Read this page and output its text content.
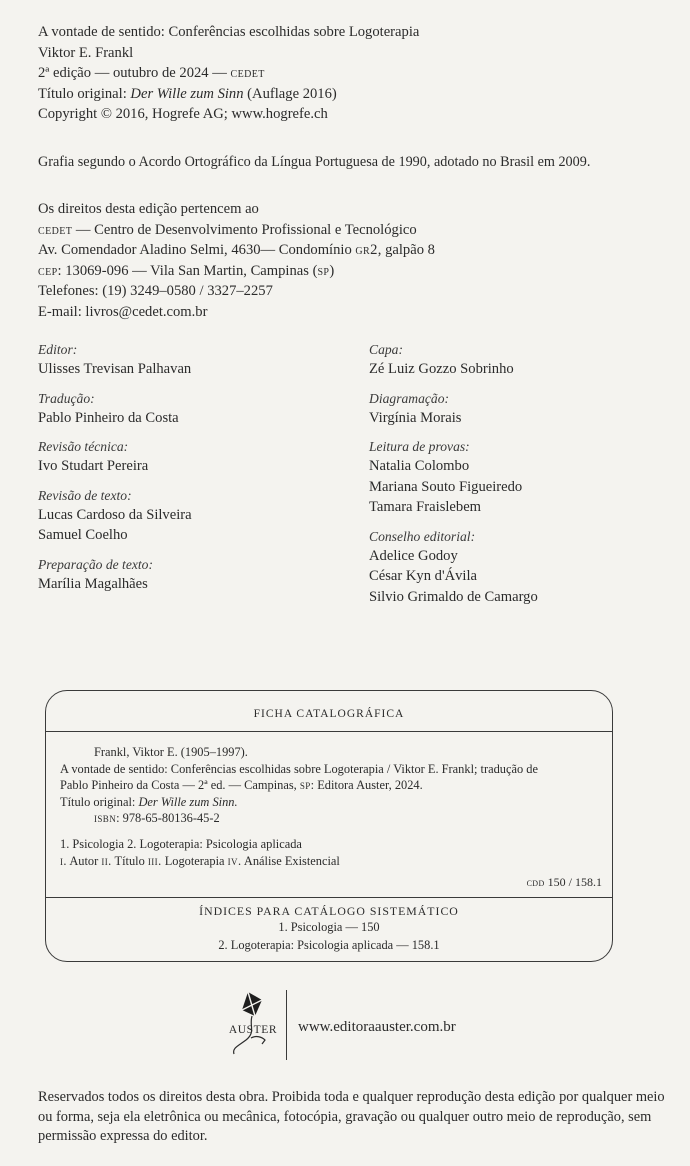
A vontade de sentido: Conferências escolhidas sobre Logoterapia
Viktor E. Frankl
2ª edição — outubro de 2024 — cedet
Título original: Der Wille zum Sinn (Auflage 2016)
Copyright © 2016, Hogrefe AG; www.hogrefe.ch
Grafia segundo o Acordo Ortográfico da Língua Portuguesa de 1990, adotado no Brasil em 2009.
Os direitos desta edição pertencem ao
cedet — Centro de Desenvolvimento Profissional e Tecnológico
Av. Comendador Aladino Selmi, 4630— Condomínio gr2, galpão 8
cep: 13069-096 — Vila San Martin, Campinas (sp)
Telefones: (19) 3249–0580 / 3327–2257
E-mail: livros@cedet.com.br
Editor:
Ulisses Trevisan Palhavan
Tradução:
Pablo Pinheiro da Costa
Revisão técnica:
Ivo Studart Pereira
Revisão de texto:
Lucas Cardoso da Silveira
Samuel Coelho
Preparação de texto:
Marília Magalhães
Capa:
Zé Luiz Gozzo Sobrinho
Diagramação:
Virgínia Morais
Leitura de provas:
Natalia Colombo
Mariana Souto Figueiredo
Tamara Fraislebem
Conselho editorial:
Adelice Godoy
César Kyn d'Ávila
Silvio Grimaldo de Camargo
FICHA CATALOGRÁFICA
Frankl, Viktor E. (1905–1997).
A vontade de sentido: Conferências escolhidas sobre Logoterapia / Viktor E. Frankl; tradução de
Pablo Pinheiro da Costa — 2ª ed. — Campinas, sp: Editora Auster, 2024.
Título original: Der Wille zum Sinn.
isbn: 978-65-80136-45-2
1. Psicologia 2. Logoterapia: Psicologia aplicada
i. Autor ii. Título iii. Logoterapia iv. Análise Existencial
cdd 150 / 158.1
ÍNDICES PARA CATÁLOGO SISTEMÁTICO
1. Psicologia — 150
2. Logoterapia: Psicologia aplicada — 158.1
AUSTER www.editoraauster.com.br
Reservados todos os direitos desta obra. Proibida toda e qualquer reprodução desta edição por qualquer meio ou forma, seja ela eletrônica ou mecânica, fotocópia, gravação ou qualquer outro meio de reprodução, sem permissão expressa do editor.
